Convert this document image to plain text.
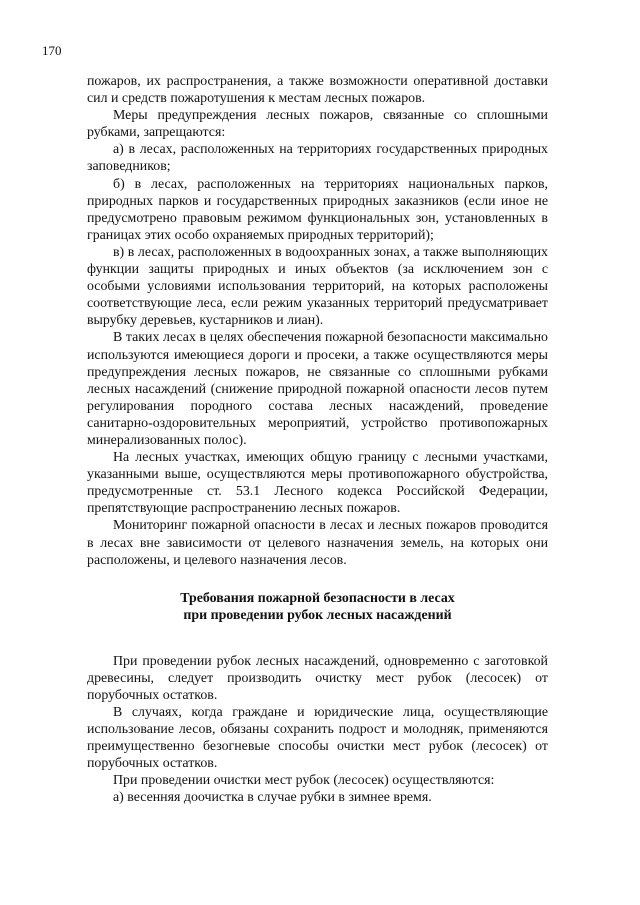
170

пожаров, их распространения, а также возможности оперативной доставки сил и средств пожаротушения к местам лесных пожаров.

Меры предупреждения лесных пожаров, связанные со сплошными рубками, запрещаются:

а) в лесах, расположенных на территориях государственных природных заповедников;

б) в лесах, расположенных на территориях национальных парков, природных парков и государственных природных заказников (если иное не предусмотрено правовым режимом функциональных зон, установленных в границах этих особо охраняемых природных территорий);

в) в лесах, расположенных в водоохранных зонах, а также выполняющих функции защиты природных и иных объектов (за исключением зон с особыми условиями использования территорий, на которых расположены соответствующие леса, если режим указанных территорий предусматривает вырубку деревьев, кустарников и лиан).

В таких лесах в целях обеспечения пожарной безопасности максимально используются имеющиеся дороги и просеки, а также осуществляются меры предупреждения лесных пожаров, не связанные со сплошными рубками лесных насаждений (снижение природной пожарной опасности лесов путем регулирования породного состава лесных насаждений, проведение санитарно-оздоровительных мероприятий, устройство противопожарных минерализованных полос).

На лесных участках, имеющих общую границу с лесными участками, указанными выше, осуществляются меры противопожарного обустройства, предусмотренные ст. 53.1 Лесного кодекса Российской Федерации, препятствующие распространению лесных пожаров.

Мониторинг пожарной опасности в лесах и лесных пожаров проводится в лесах вне зависимости от целевого назначения земель, на которых они расположены, и целевого назначения лесов.

Требования пожарной безопасности в лесах
при проведении рубок лесных насаждений

При проведении рубок лесных насаждений, одновременно с заготовкой древесины, следует производить очистку мест рубок (лесосек) от порубочных остатков.

В случаях, когда граждане и юридические лица, осуществляющие использование лесов, обязаны сохранить подрост и молодняк, применяются преимущественно безогневые способы очистки мест рубок (лесосек) от порубочных остатков.

При проведении очистки мест рубок (лесосек) осуществляются:

а) весенняя доочистка в случае рубки в зимнее время.
